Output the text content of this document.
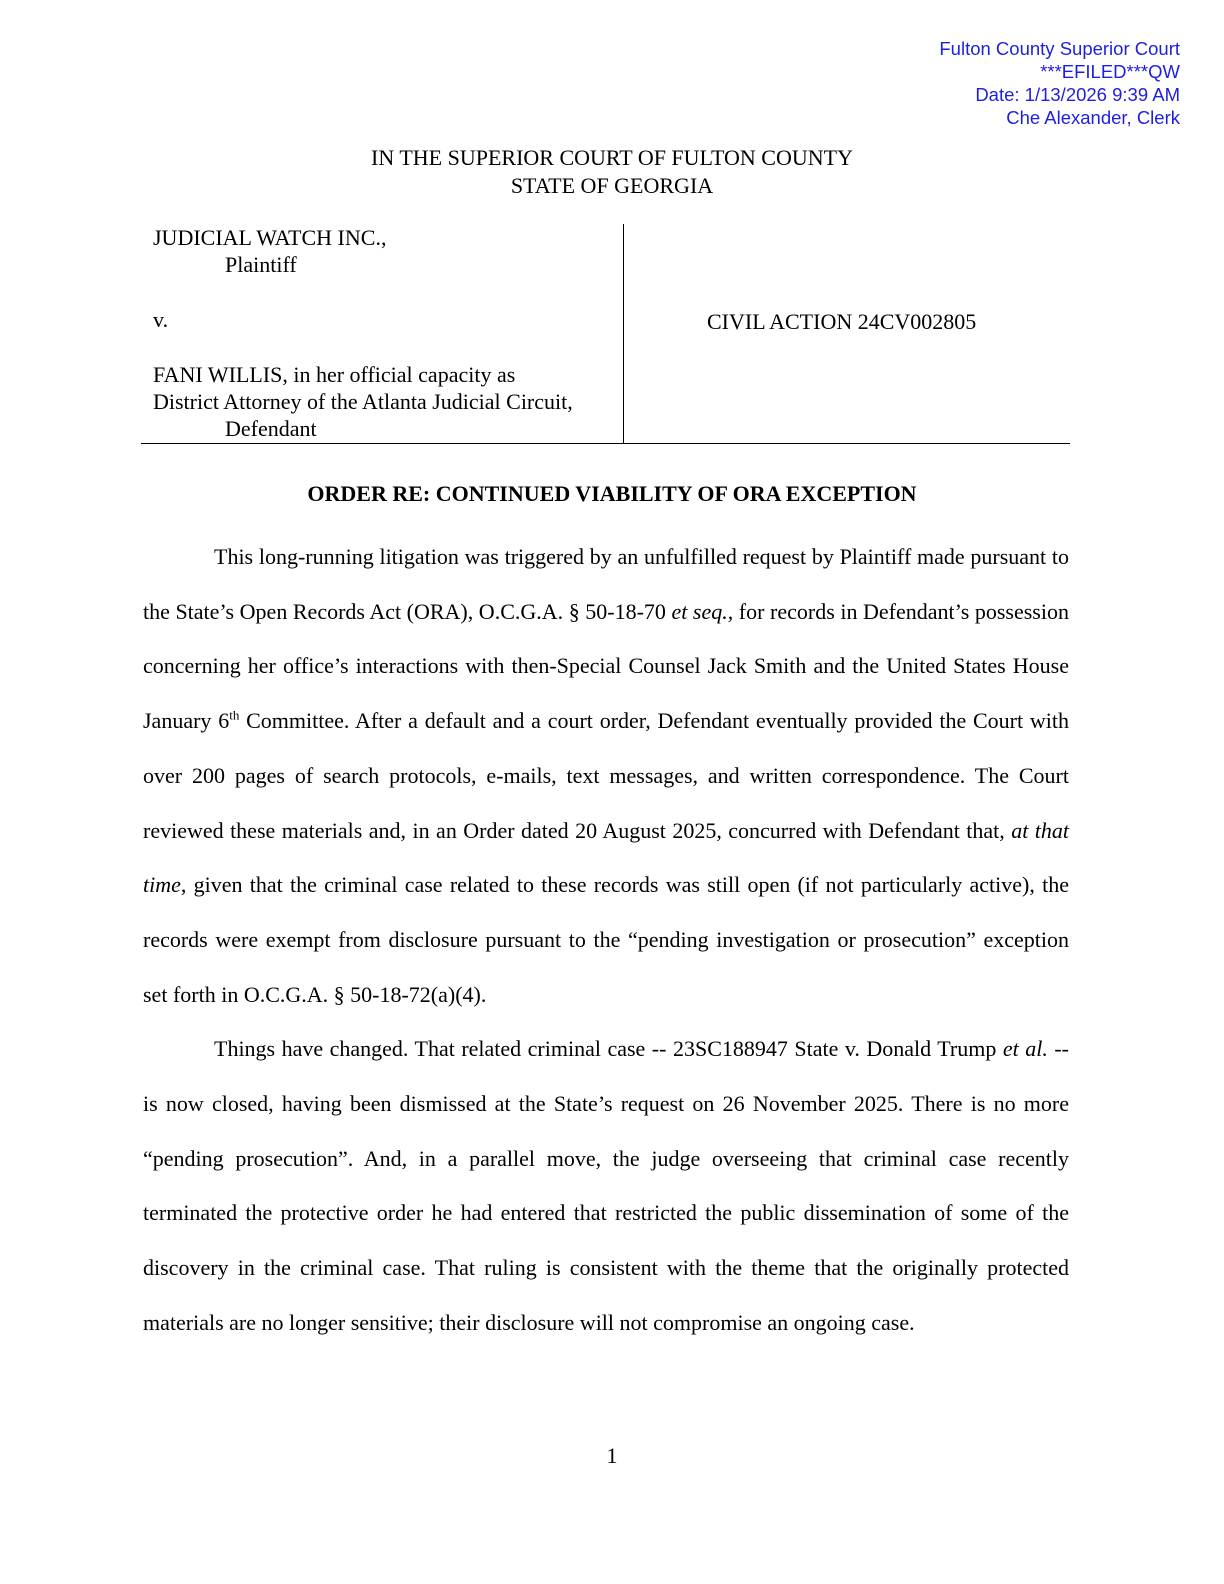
Fulton County Superior Court
***EFILED***QW
Date: 1/13/2026 9:39 AM
Che Alexander, Clerk
IN THE SUPERIOR COURT OF FULTON COUNTY
STATE OF GEORGIA
JUDICIAL WATCH INC.,
Plaintiff
v.
FANI WILLIS, in her official capacity as
District Attorney of the Atlanta Judicial Circuit,
Defendant
CIVIL ACTION 24CV002805
ORDER RE: CONTINUED VIABILITY OF ORA EXCEPTION

This long-running litigation was triggered by an unfulfilled request by Plaintiff made pursuant to the State’s Open Records Act (ORA), O.C.G.A. § 50-18-70 et seq., for records in Defendant’s possession concerning her office’s interactions with then-Special Counsel Jack Smith and the United States House January 6th Committee. After a default and a court order, Defendant eventually provided the Court with over 200 pages of search protocols, e-mails, text messages, and written correspondence. The Court reviewed these materials and, in an Order dated 20 August 2025, concurred with Defendant that, at that time, given that the criminal case related to these records was still open (if not particularly active), the records were exempt from disclosure pursuant to the “pending investigation or prosecution” exception set forth in O.C.G.A. § 50-18-72(a)(4).

Things have changed. That related criminal case -- 23SC188947 State v. Donald Trump et al. -- is now closed, having been dismissed at the State’s request on 26 November 2025. There is no more “pending prosecution”. And, in a parallel move, the judge overseeing that criminal case recently terminated the protective order he had entered that restricted the public dissemination of some of the discovery in the criminal case. That ruling is consistent with the theme that the originally protected materials are no longer sensitive; their disclosure will not compromise an ongoing case.

1
